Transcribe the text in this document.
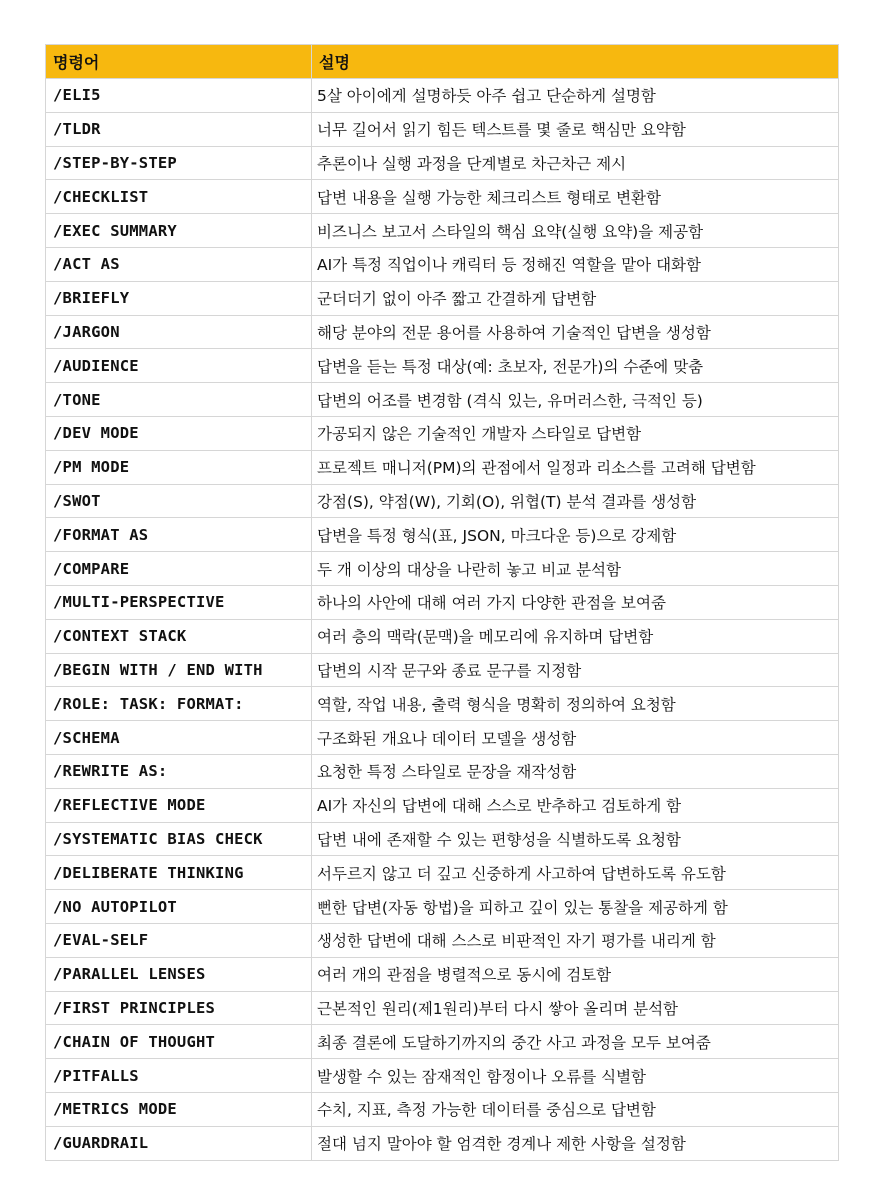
명령어	설명
/ELI5	5살 아이에게 설명하듯 아주 쉽고 단순하게 설명함
/TLDR	너무 길어서 읽기 힘든 텍스트를 몇 줄로 핵심만 요약함
/STEP-BY-STEP	추론이나 실행 과정을 단계별로 차근차근 제시
/CHECKLIST	답변 내용을 실행 가능한 체크리스트 형태로 변환함
/EXEC SUMMARY	비즈니스 보고서 스타일의 핵심 요약(실행 요약)을 제공함
/ACT AS	AI가 특정 직업이나 캐릭터 등 정해진 역할을 맡아 대화함
/BRIEFLY	군더더기 없이 아주 짧고 간결하게 답변함
/JARGON	해당 분야의 전문 용어를 사용하여 기술적인 답변을 생성함
/AUDIENCE	답변을 듣는 특정 대상(예: 초보자, 전문가)의 수준에 맞춤
/TONE	답변의 어조를 변경함 (격식 있는, 유머러스한, 극적인 등)
/DEV MODE	가공되지 않은 기술적인 개발자 스타일로 답변함
/PM MODE	프로젝트 매니저(PM)의 관점에서 일정과 리소스를 고려해 답변함
/SWOT	강점(S), 약점(W), 기회(O), 위협(T) 분석 결과를 생성함
/FORMAT AS	답변을 특정 형식(표, JSON, 마크다운 등)으로 강제함
/COMPARE	두 개 이상의 대상을 나란히 놓고 비교 분석함
/MULTI-PERSPECTIVE	하나의 사안에 대해 여러 가지 다양한 관점을 보여줌
/CONTEXT STACK	여러 층의 맥락(문맥)을 메모리에 유지하며 답변함
/BEGIN WITH / END WITH	답변의 시작 문구와 종료 문구를 지정함
/ROLE: TASK: FORMAT:	역할, 작업 내용, 출력 형식을 명확히 정의하여 요청함
/SCHEMA	구조화된 개요나 데이터 모델을 생성함
/REWRITE AS:	요청한 특정 스타일로 문장을 재작성함
/REFLECTIVE MODE	AI가 자신의 답변에 대해 스스로 반추하고 검토하게 함
/SYSTEMATIC BIAS CHECK	답변 내에 존재할 수 있는 편향성을 식별하도록 요청함
/DELIBERATE THINKING	서두르지 않고 더 깊고 신중하게 사고하여 답변하도록 유도함
/NO AUTOPILOT	뻔한 답변(자동 항법)을 피하고 깊이 있는 통찰을 제공하게 함
/EVAL-SELF	생성한 답변에 대해 스스로 비판적인 자기 평가를 내리게 함
/PARALLEL LENSES	여러 개의 관점을 병렬적으로 동시에 검토함
/FIRST PRINCIPLES	근본적인 원리(제1원리)부터 다시 쌓아 올리며 분석함
/CHAIN OF THOUGHT	최종 결론에 도달하기까지의 중간 사고 과정을 모두 보여줌
/PITFALLS	발생할 수 있는 잠재적인 함정이나 오류를 식별함
/METRICS MODE	수치, 지표, 측정 가능한 데이터를 중심으로 답변함
/GUARDRAIL	절대 넘지 말아야 할 엄격한 경계나 제한 사항을 설정함
